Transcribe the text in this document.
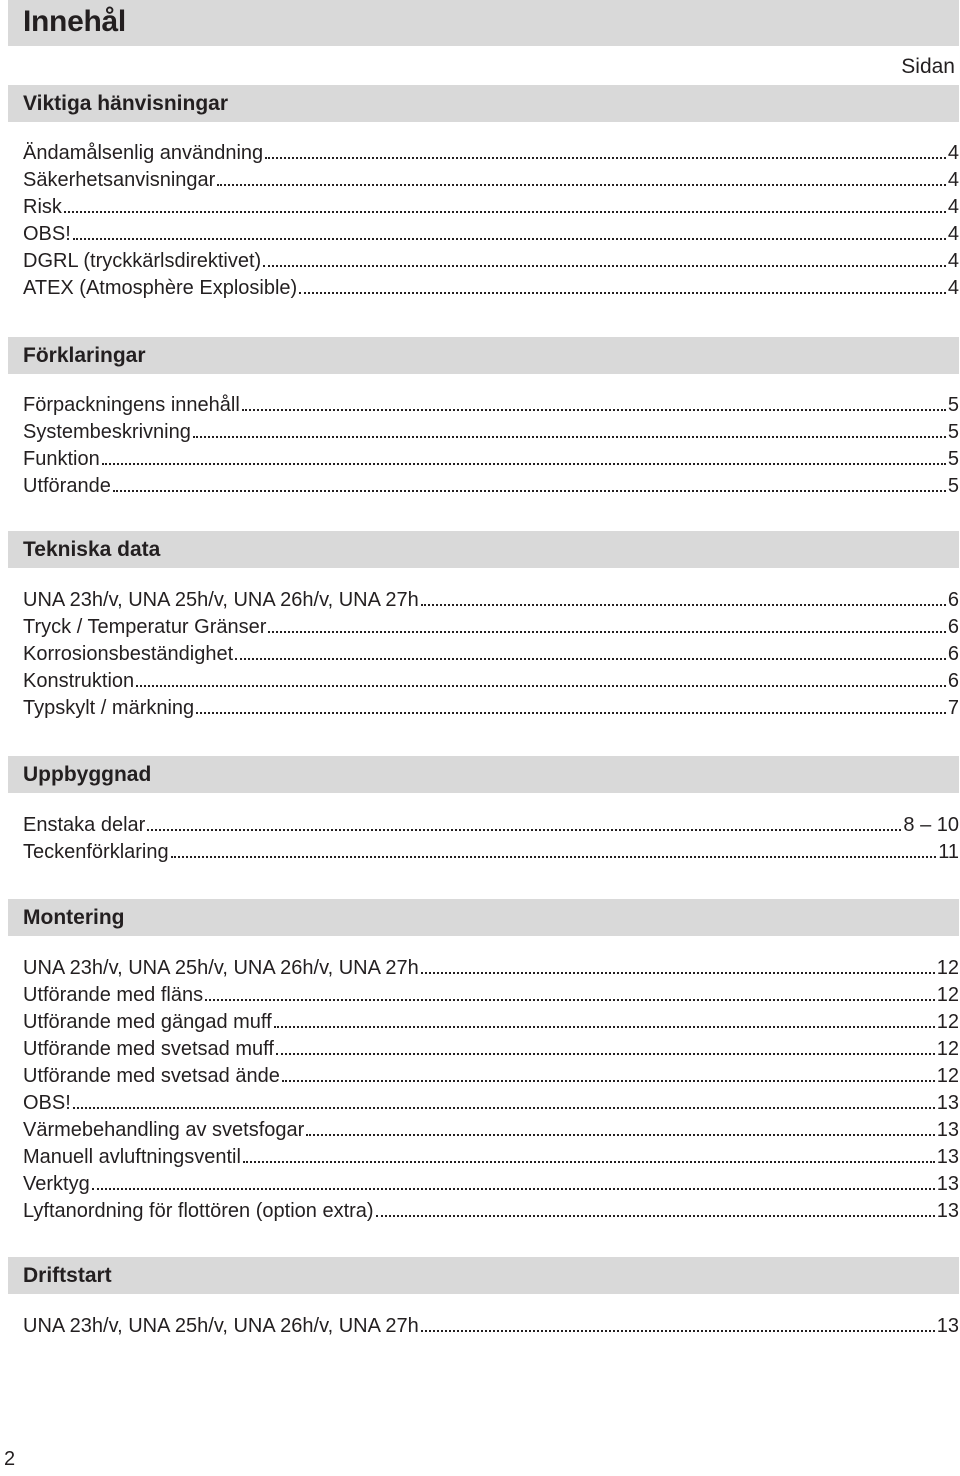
Innehål
Sidan
Viktiga hänvisningar
Ändamålsenlig användning	4
Säkerhetsanvisningar	4
Risk	4
OBS!	4
DGRL (tryckkärlsdirektivet)	4
ATEX (Atmosphère Explosible)	4
Förklaringar
Förpackningens innehåll	5
Systembeskrivning	5
Funktion	5
Utförande	5
Tekniska data
UNA 23h/v, UNA 25h/v, UNA 26h/v, UNA 27h	6
Tryck / Temperatur Gränser	6
Korrosionsbeständighet	6
Konstruktion	6
Typskylt / märkning	7
Uppbyggnad
Enstaka delar	8 – 10
Teckenförklaring	11
Montering
UNA 23h/v, UNA 25h/v, UNA 26h/v, UNA 27h	12
Utförande med fläns	12
Utförande med gängad muff	12
Utförande med svetsad muff	12
Utförande med svetsad ände	12
OBS!	13
Värmebehandling av svetsfogar	13
Manuell avluftningsventil	13
Verktyg	13
Lyftanordning för flottören (option extra)	13
Driftstart
UNA 23h/v, UNA 25h/v, UNA 26h/v, UNA 27h	13
2
